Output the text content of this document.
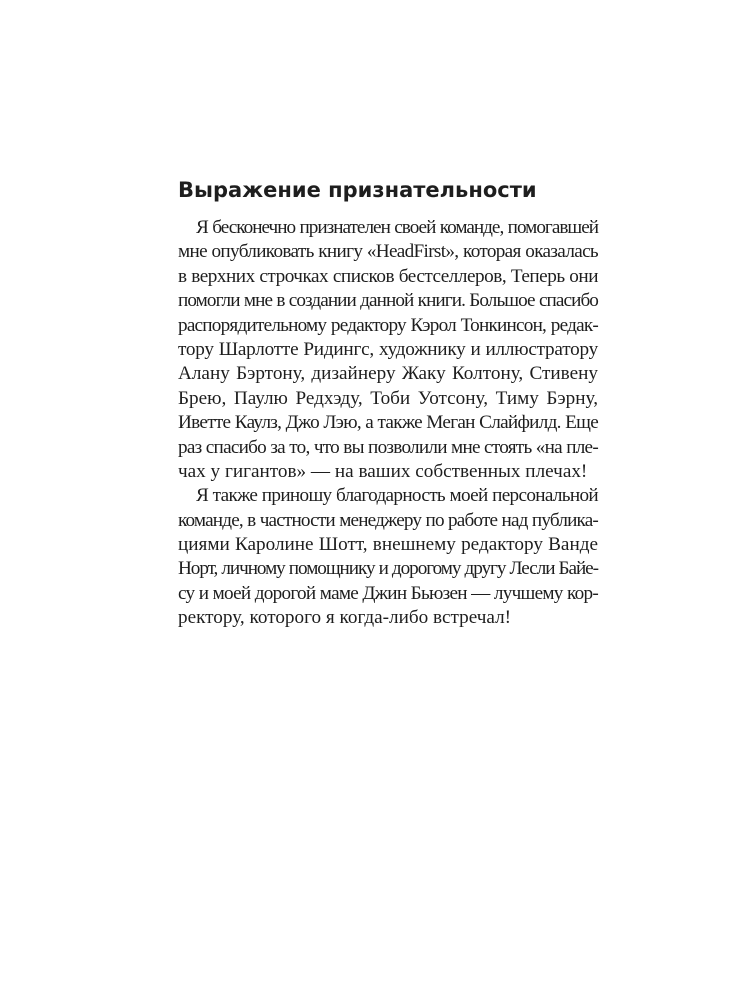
Выражение признательности
Я бесконечно признателен своей команде, помогавшей
мне опубликовать книгу «HeadFirst», которая оказалась
в верхних строчках списков бестселлеров, Теперь они
помогли мне в создании данной книги. Большое спасибо
распорядительному редактору Кэрол Тонкинсон, редак-
тору Шарлотте Ридингс, художнику и иллюстратору
Алану Бэртону, дизайнеру Жаку Колтону, Стивену
Брею, Паулю Редхэду, Тоби Уотсону, Тиму Бэрну,
Иветте Каулз, Джо Лэю, а также Меган Слайфилд. Еще
раз спасибо за то, что вы позволили мне стоять «на пле-
чах у гигантов» — на ваших собственных плечах!
Я также приношу благодарность моей персональной
команде, в частности менеджеру по работе над публика-
циями Каролине Шотт, внешнему редактору Ванде
Норт, личному помощнику и дорогому другу Лесли Байе-
су и моей дорогой маме Джин Бьюзен — лучшему кор-
ректору, которого я когда-либо встречал!
